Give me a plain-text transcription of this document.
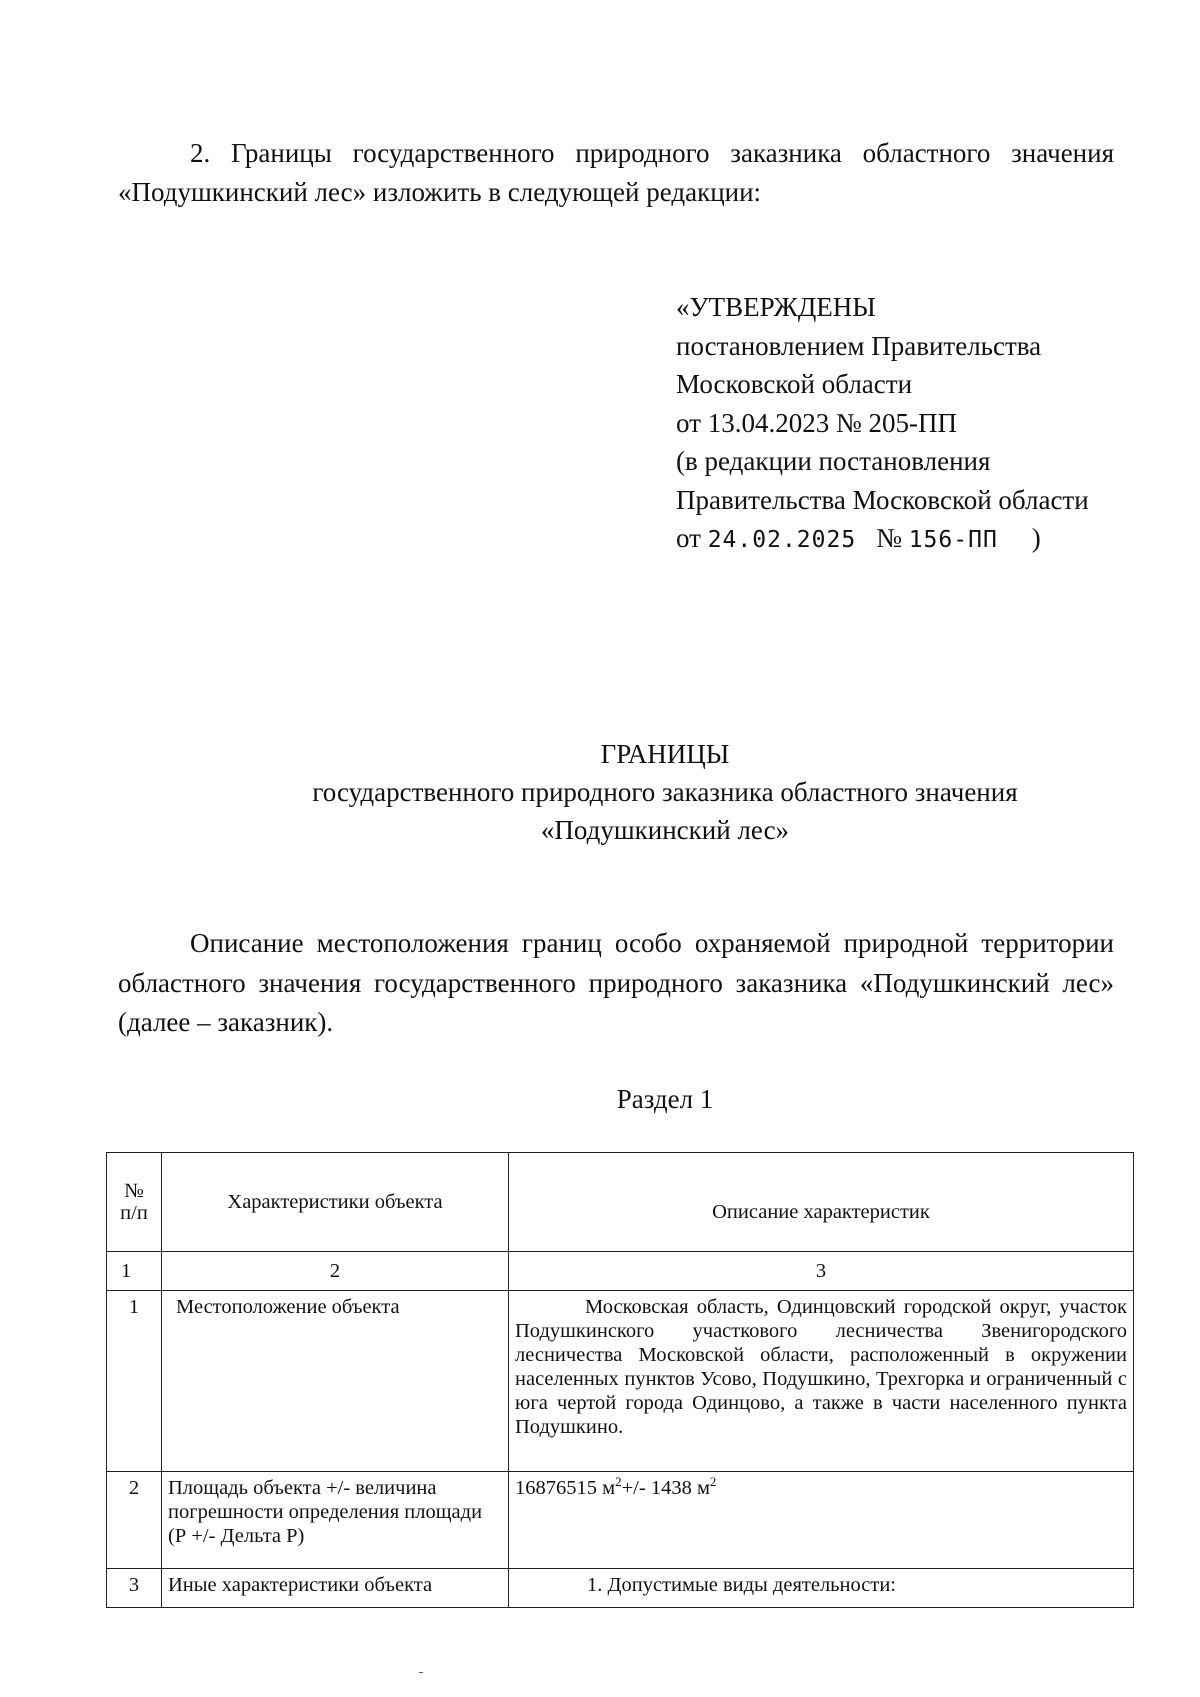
2. Границы государственного природного заказника областного значения «Подушкинский лес» изложить в следующей редакции:

«УТВЕРЖДЕНЫ
постановлением Правительства
Московской области
от 13.04.2023 № 205-ПП
(в редакции постановления
Правительства Московской области
от 24.02.2025 № 156-ПП )
ГРАНИЦЫ
государственного природного заказника областного значения
«Подушкинский лес»

Описание местоположения границ особо охраняемой природной территории областного значения государственного природного заказника «Подушкинский лес» (далее – заказник).

Раздел 1
№
п/п	Характеристики объекта	Описание характеристик
1	2	3
1	Местоположение объекта	Московская область, Одинцовский городской округ, участок Подушкинского участкового лесничества Звенигородского лесничества Московской области, расположенный в окружении населенных пунктов Усово, Подушкино, Трехгорка и ограниченный с юга чертой города Одинцово, а также в части населенного пункта Подушкино.
2	Площадь объекта +/- величина погрешности определения площади (Р +/- Дельта Р)	16876515 $м^2+/-$ 1438 $м^2$
3	Иные характеристики объекта	1. Допустимые виды деятельности:
